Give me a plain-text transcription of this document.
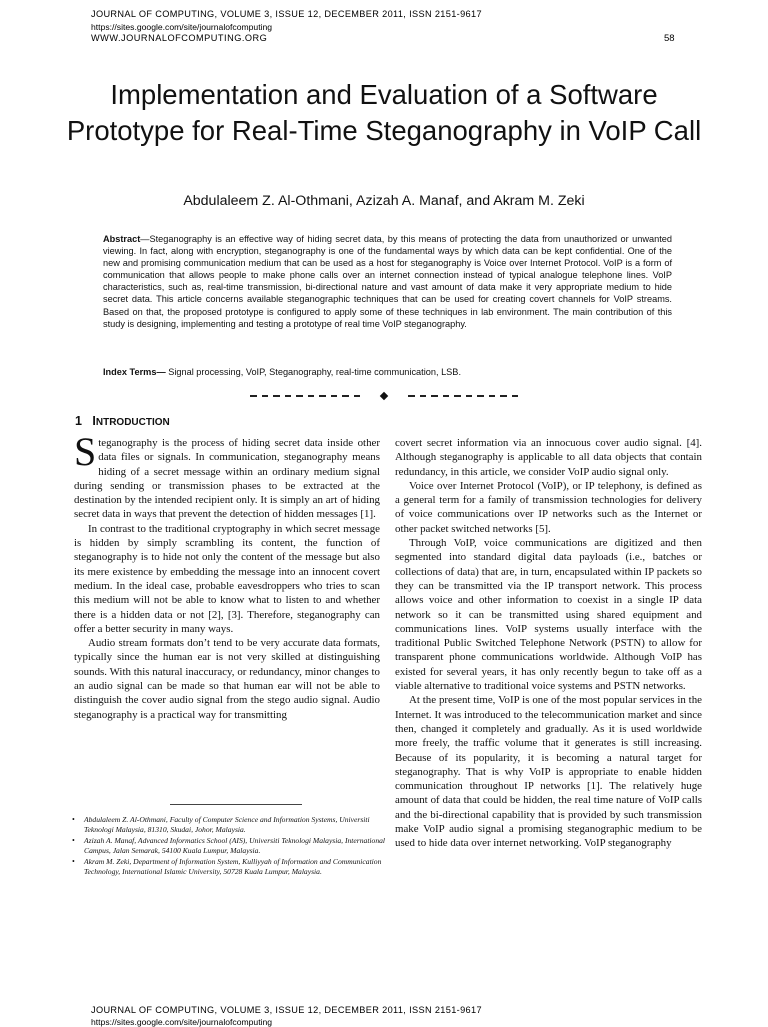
JOURNAL OF COMPUTING, VOLUME 3, ISSUE 12, DECEMBER 2011, ISSN 2151-9617
https://sites.google.com/site/journalofcomputing
WWW.JOURNALOFCOMPUTING.ORG	58
Implementation and Evaluation of a Software Prototype for Real-Time Steganography in VoIP Call
Abdulaleem Z. Al-Othmani, Azizah A. Manaf, and Akram M. Zeki
Abstract—Steganography is an effective way of hiding secret data, by this means of protecting the data from unauthorized or unwanted viewing. In fact, along with encryption, steganography is one of the fundamental ways by which data can be kept confidential. One of the new and promising communication medium that can be used as a host for steganography is Voice over Internet Protocol. VoIP is a form of communication that allows people to make phone calls over an internet connection instead of typical analogue telephone lines. VoIP characteristics, such as, real-time transmission, bi-directional nature and vast amount of data make it very appropriate medium to hide secret data. This article concerns available steganographic techniques that can be used for creating covert channels for VoIP streams. Based on that, the proposed prototype is configured to apply some of these techniques in lab environment. The main contribution of this study is designing, implementing and testing a prototype of real time VoIP steganography.
Index Terms— Signal processing, VoIP, Steganography, real-time communication, LSB.
1 INTRODUCTION

Steganography is the process of hiding secret data inside other data files or signals. In communication, steganography means hiding of a secret message within an ordinary medium signal during sending or transmission phases to be extracted at the destination by the intended recipient only. It is simply an art of hiding secret data in ways that prevent the detection of hidden messages [1].

In contrast to the traditional cryptography in which secret message is hidden by simply scrambling its content, the function of steganography is to hide not only the content of the message but also its mere existence by embedding the message into an innocent covert medium. In the ideal case, probable eavesdroppers who tries to scan this medium will not be able to know what to listen to and whether there is a hidden data or not [2], [3]. Therefore, steganography can offer a better security in many ways.

Audio stream formats don’t tend to be very accurate data formats, typically since the human ear is not very skilled at distinguishing sounds. With this natural inaccuracy, or redundancy, minor changes to an audio signal can be made so that human ear will not be able to distinguish the cover audio signal from the stego audio signal. Audio steganography is a practical way for transmitting

• Abdulaleem Z. Al-Othmani, Faculty of Computer Science and Information Systems, Universiti Teknologi Malaysia, 81310, Skudai, Johor, Malaysia.
• Azizah A. Manaf, Advanced Informatics School (AIS), Universiti Teknologi Malaysia, International Campus, Jalan Semarak, 54100 Kuala Lumpur, Malaysia.
• Akram M. Zeki, Department of Information System, Kulliyyah of Information and Communication Technology, International Islamic University, 50728 Kuala Lumpur, Malaysia.

covert secret information via an innocuous cover audio signal. [4]. Although steganography is applicable to all data objects that contain redundancy, in this article, we consider VoIP audio signal only.

Voice over Internet Protocol (VoIP), or IP telephony, is defined as a general term for a family of transmission technologies for delivery of voice communications over IP networks such as the Internet or other packet switched networks [5].

Through VoIP, voice communications are digitized and then segmented into standard digital data payloads (i.e., batches or collections of data) that are, in turn, encapsulated within IP packets so they can be transmitted via the IP transport network. This process allows voice and other information to coexist in a single IP data network so it can be transmitted using shared equipment and communications lines. VoIP systems usually interface with the traditional Public Switched Telephone Network (PSTN) to allow for transparent phone communications worldwide. Although VoIP has existed for several years, it has only recently begun to take off as a viable alternative to traditional voice systems and PSTN networks.

At the present time, VoIP is one of the most popular services in the Internet. It was introduced to the telecommunication market and since then, changed it completely and gradually. As it is used worldwide more freely, the traffic volume that it generates is still increasing. Because of its popularity, it is becoming a natural target for steganography. That is why VoIP is appropriate to enable hidden communication throughout IP networks [1]. The relatively huge amount of data that could be hidden, the real time nature of VoIP calls and the bi-directional capability that is provided by such transmission make VoIP audio signal a promising steganographic medium to be used to hide data over internet networking. VoIP steganography

JOURNAL OF COMPUTING, VOLUME 3, ISSUE 12, DECEMBER 2011, ISSN 2151-9617
https://sites.google.com/site/journalofcomputing
